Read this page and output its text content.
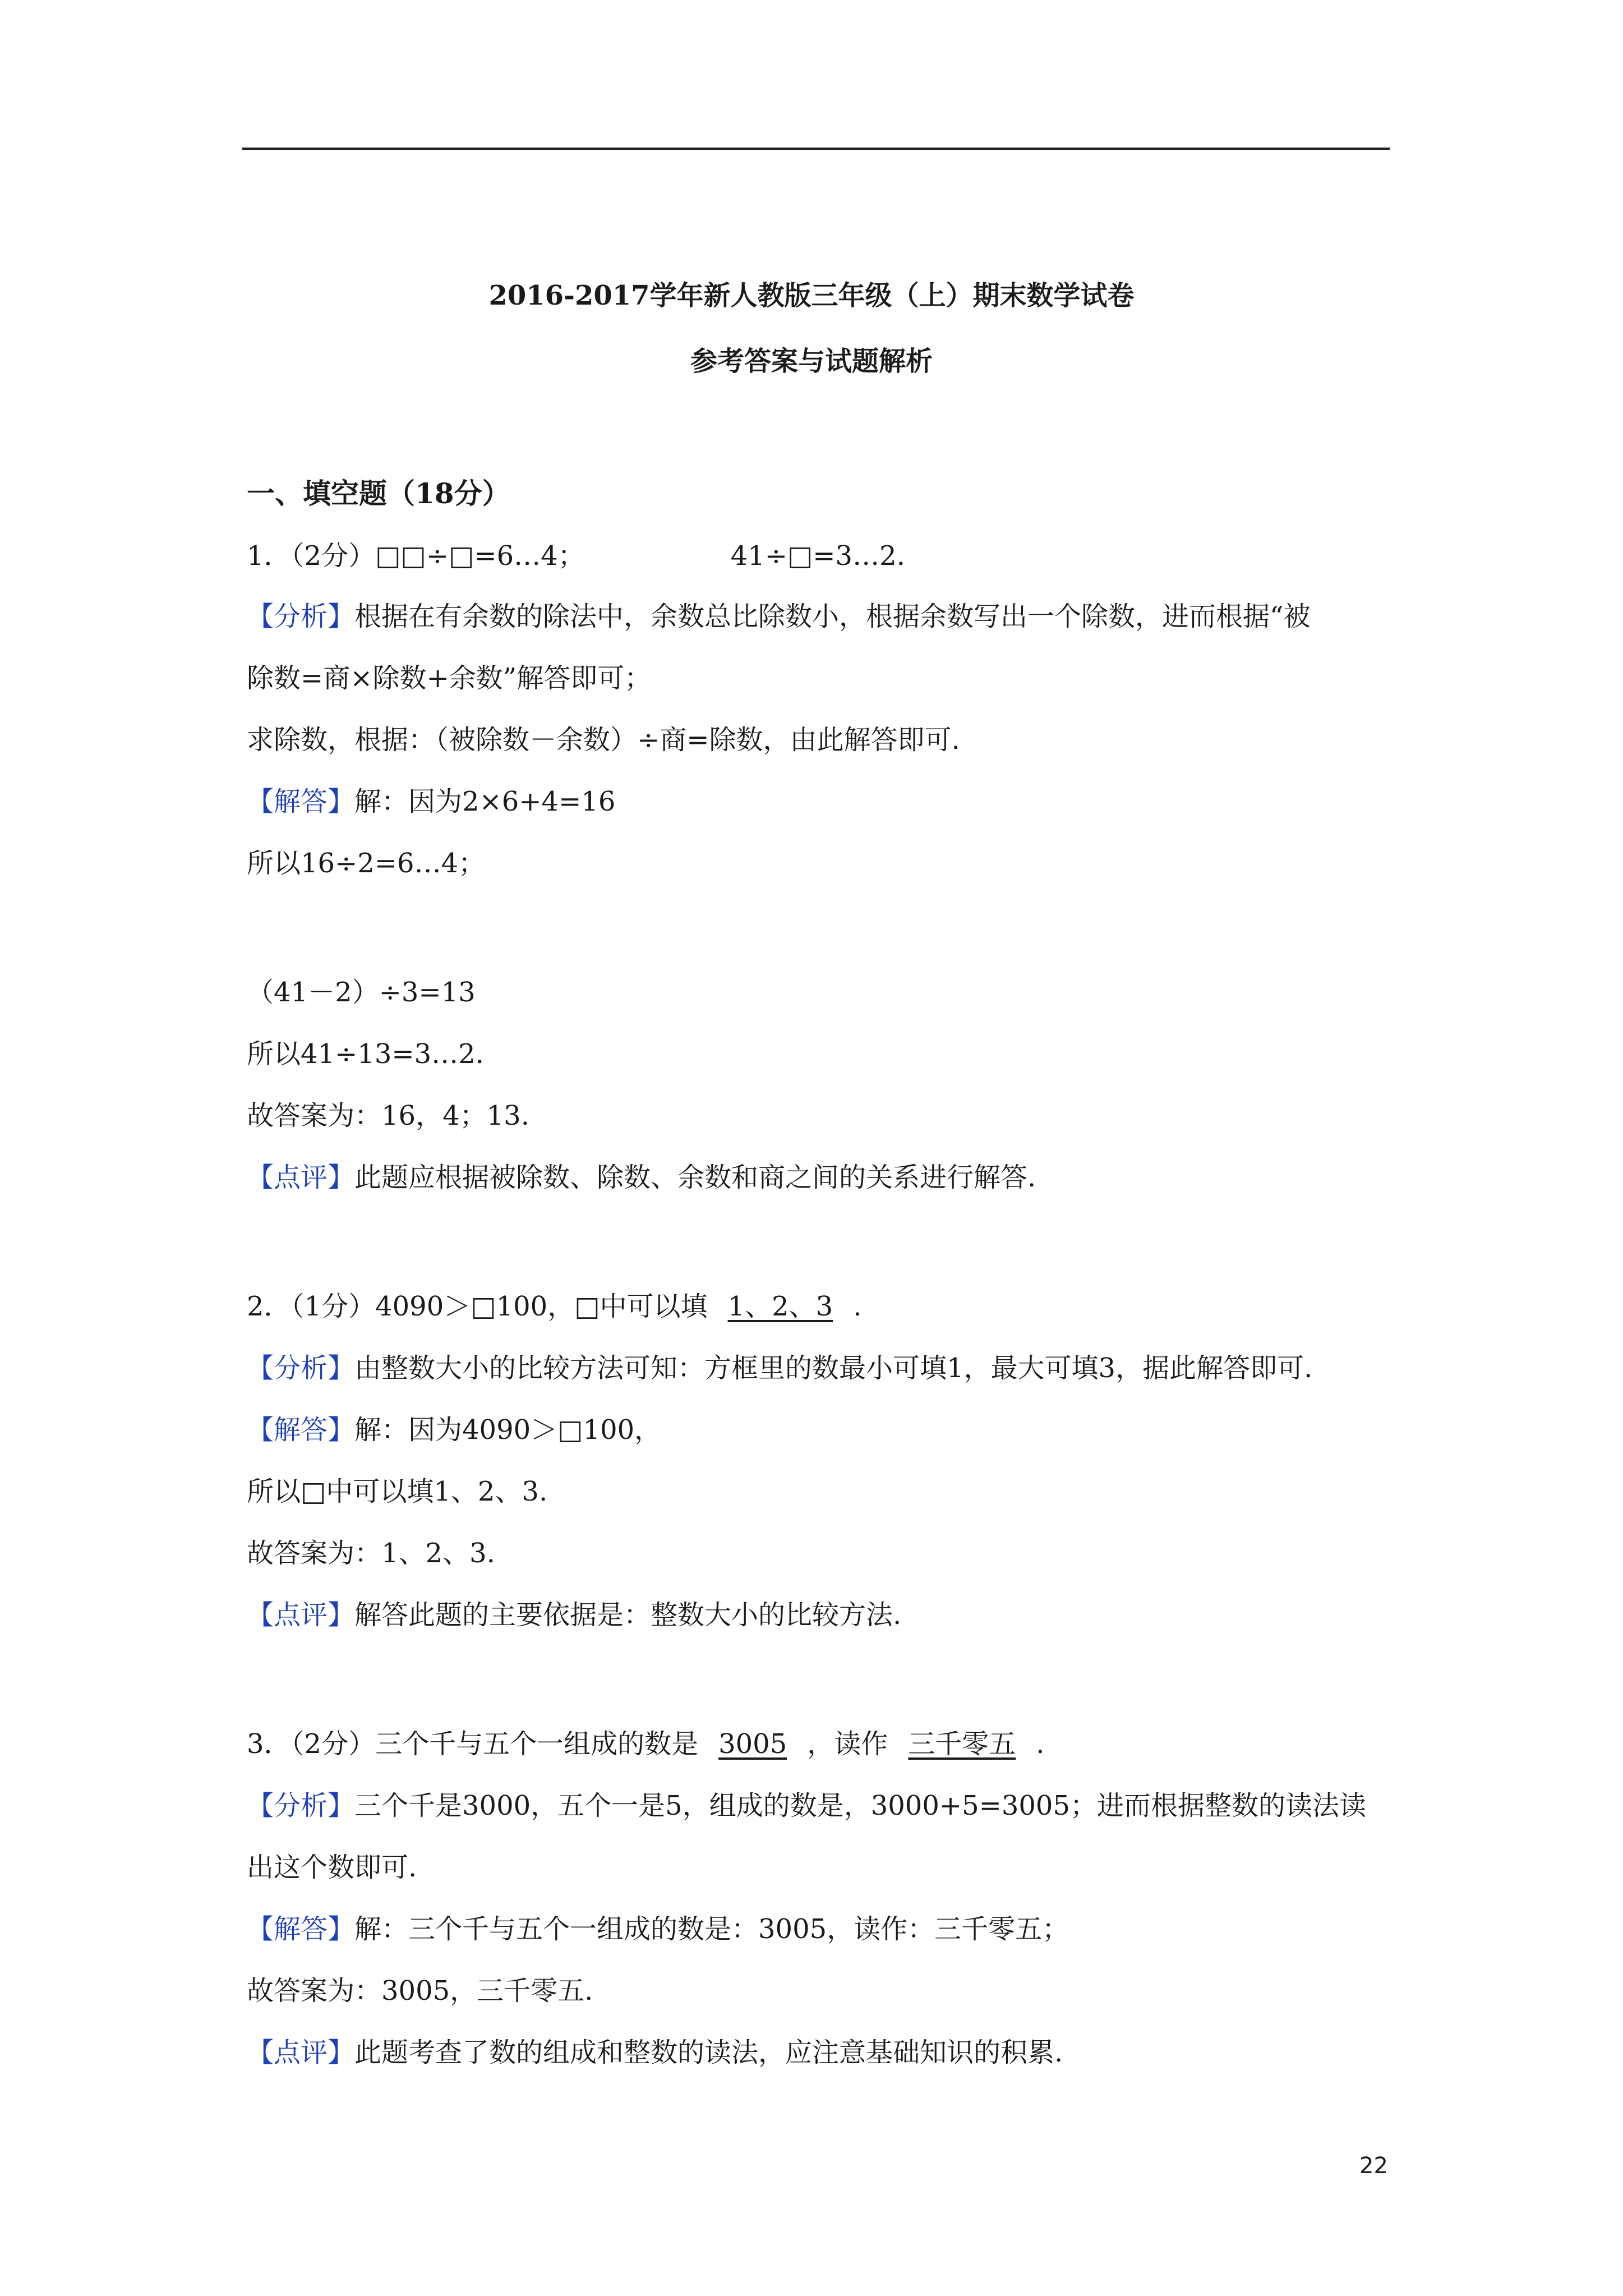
2016-2017学年新人教版三年级（上）期末数学试卷
参考答案与试题解析
一、填空题（18分）
1．（2分）□□÷□=6…4；	41÷□=3…2.
【分析】根据在有余数的除法中，余数总比除数小，根据余数写出一个除数，进而根据“被
除数=商×除数+余数”解答即可；
求除数，根据：（被除数－余数）÷商=除数，由此解答即可.
【解答】解：因为2×6+4=16
所以16÷2=6…4；
（41－2）÷3=13
所以41÷13=3…2.
故答案为：16，4；13.
【点评】此题应根据被除数、除数、余数和商之间的关系进行解答.
2．（1分）4090＞□100，□中可以填 1、2、3 .
【分析】由整数大小的比较方法可知：方框里的数最小可填1，最大可填3，据此解答即可.
【解答】解：因为4090＞□100，
所以□中可以填1、2、3.
故答案为：1、2、3.
【点评】解答此题的主要依据是：整数大小的比较方法.
3．（2分）三个千与五个一组成的数是 3005 ，读作 三千零五 .
【分析】三个千是3000，五个一是5，组成的数是，3000+5=3005；进而根据整数的读法读
出这个数即可.
【解答】解：三个千与五个一组成的数是：3005，读作：三千零五；
故答案为：3005，三千零五.
【点评】此题考查了数的组成和整数的读法，应注意基础知识的积累.
22
